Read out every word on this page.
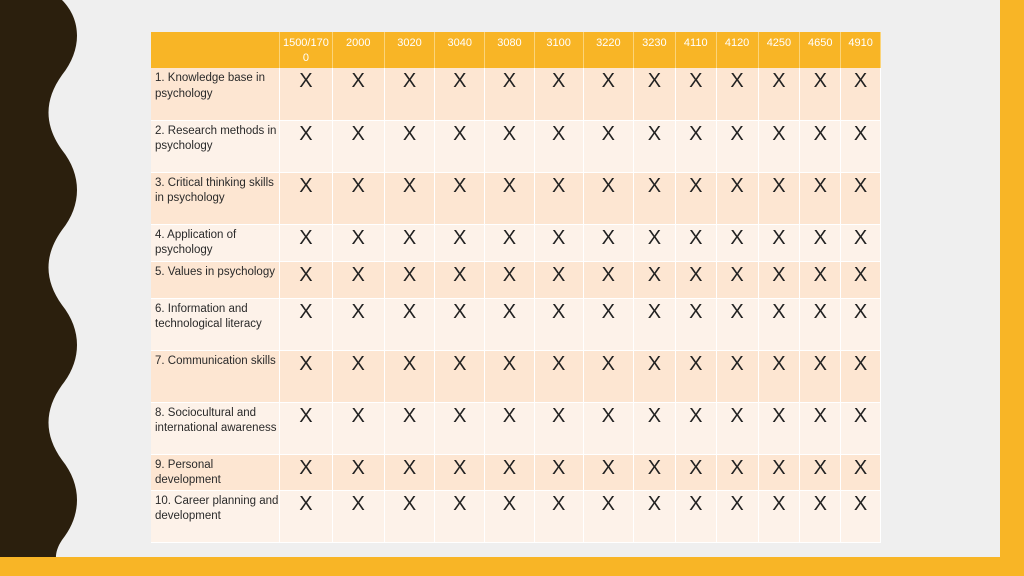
	1500/1700	2000	3020	3040	3080	3100	3220	3230	4110	4120	4250	4650	4910
1. Knowledge base in psychology	X	X	X	X	X	X	X	X	X	X	X	X	X
2. Research methods in psychology	X	X	X	X	X	X	X	X	X	X	X	X	X
3. Critical thinking skills in psychology	X	X	X	X	X	X	X	X	X	X	X	X	X
4. Application of psychology	X	X	X	X	X	X	X	X	X	X	X	X	X
5. Values in psychology	X	X	X	X	X	X	X	X	X	X	X	X	X
6. Information and technological literacy	X	X	X	X	X	X	X	X	X	X	X	X	X
7. Communication skills	X	X	X	X	X	X	X	X	X	X	X	X	X
8. Sociocultural and international awareness	X	X	X	X	X	X	X	X	X	X	X	X	X
9. Personal development	X	X	X	X	X	X	X	X	X	X	X	X	X
10. Career planning and development	X	X	X	X	X	X	X	X	X	X	X	X	X
